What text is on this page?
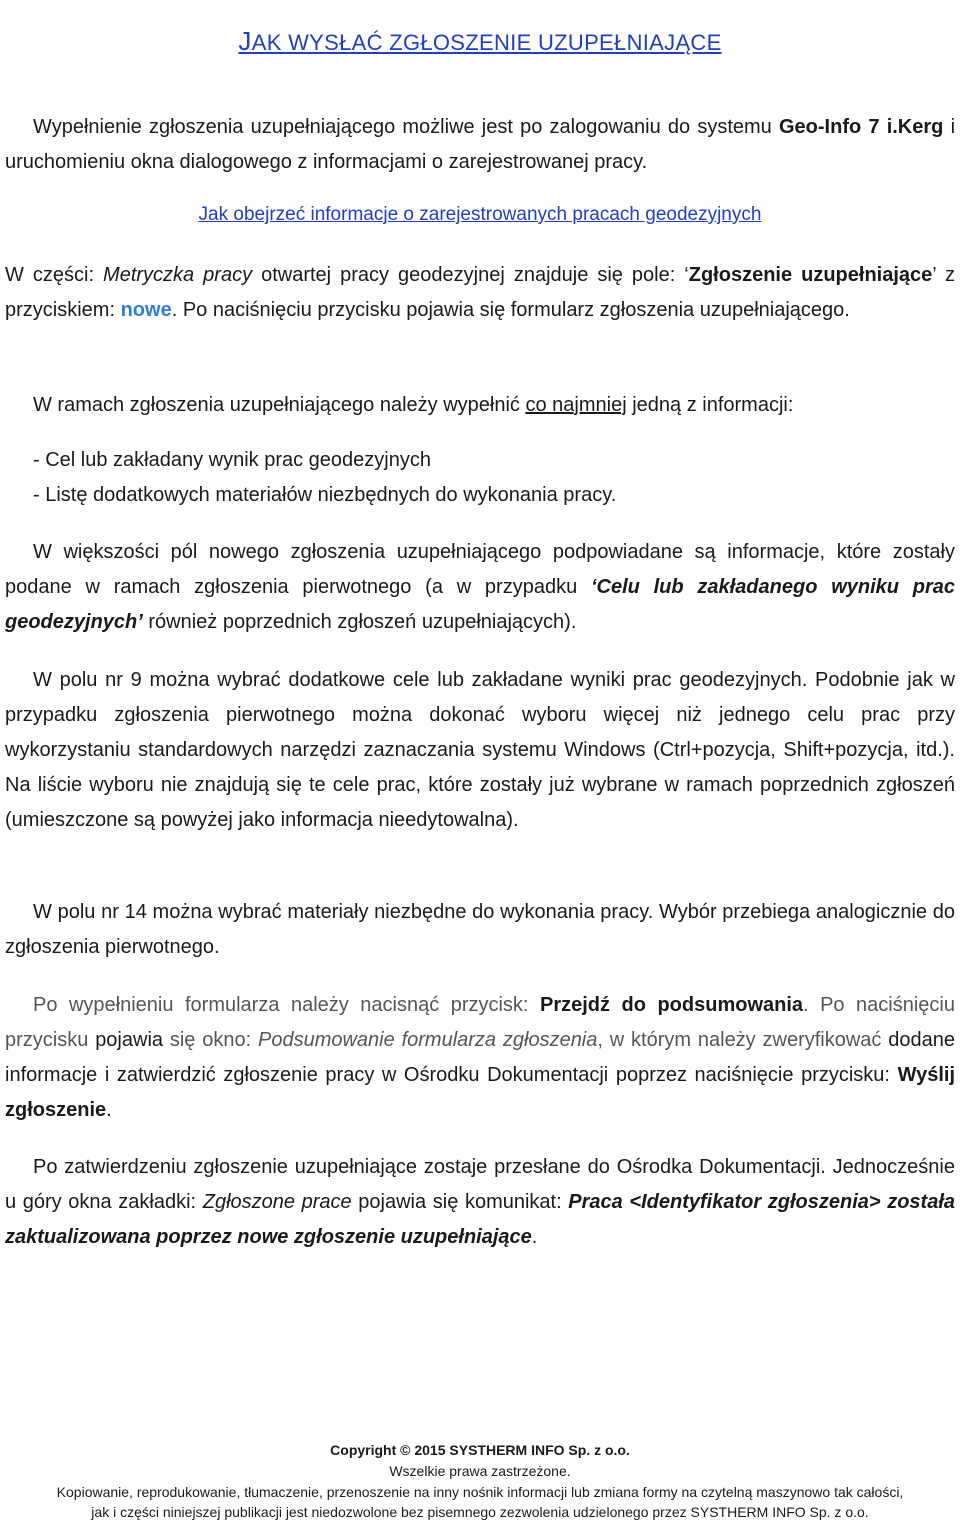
JAK WYSŁAĆ ZGŁOSZENIE UZUPEŁNIAJĄCE

Wypełnienie zgłoszenia uzupełniającego możliwe jest po zalogowaniu do systemu Geo-Info 7 i.Kerg i uruchomieniu okna dialogowego z informacjami o zarejestrowanej pracy.

Jak obejrzeć informacje o zarejestrowanych pracach geodezyjnych

W części: Metryczka pracy otwartej pracy geodezyjnej znajduje się pole: ‘Zgłoszenie uzupełniające’ z przyciskiem: nowe. Po naciśnięciu przycisku pojawia się formularz zgłoszenia uzupełniającego.

W ramach zgłoszenia uzupełniającego należy wypełnić co najmniej jedną z informacji:

- Cel lub zakładany wynik prac geodezyjnych
- Listę dodatkowych materiałów niezbędnych do wykonania pracy.

W większości pól nowego zgłoszenia uzupełniającego podpowiadane są informacje, które zostały podane w ramach zgłoszenia pierwotnego (a w przypadku ‘Celu lub zakładanego wyniku prac geodezyjnych’ również poprzednich zgłoszeń uzupełniających).

W polu nr 9 można wybrać dodatkowe cele lub zakładane wyniki prac geodezyjnych. Podobnie jak w przypadku zgłoszenia pierwotnego można dokonać wyboru więcej niż jednego celu prac przy wykorzystaniu standardowych narzędzi zaznaczania systemu Windows (Ctrl+pozycja, Shift+pozycja, itd.). Na liście wyboru nie znajdują się te cele prac, które zostały już wybrane w ramach poprzednich zgłoszeń (umieszczone są powyżej jako informacja nieedytowalna).

W polu nr 14 można wybrać materiały niezbędne do wykonania pracy. Wybór przebiega analogicznie do zgłoszenia pierwotnego.

Po wypełnieniu formularza należy nacisnąć przycisk: Przejdź do podsumowania. Po naciśnięciu przycisku pojawia się okno: Podsumowanie formularza zgłoszenia, w którym należy zweryfikować dodane informacje i zatwierdzić zgłoszenie pracy w Ośrodku Dokumentacji poprzez naciśnięcie przycisku: Wyślij zgłoszenie.

Po zatwierdzeniu zgłoszenie uzupełniające zostaje przesłane do Ośrodka Dokumentacji. Jednocześnie u góry okna zakładki: Zgłoszone prace pojawia się komunikat: Praca <Identyfikator zgłoszenia> została zaktualizowana poprzez nowe zgłoszenie uzupełniające.

Copyright © 2015 SYSTHERM INFO Sp. z o.o.
Wszelkie prawa zastrzeżone.
Kopiowanie, reprodukowanie, tłumaczenie, przenoszenie na inny nośnik informacji lub zmiana formy na czytelną maszynowo tak całości,
jak i części niniejszej publikacji jest niedozwolone bez pisemnego zezwolenia udzielonego przez SYSTHERM INFO Sp. z o.o.
